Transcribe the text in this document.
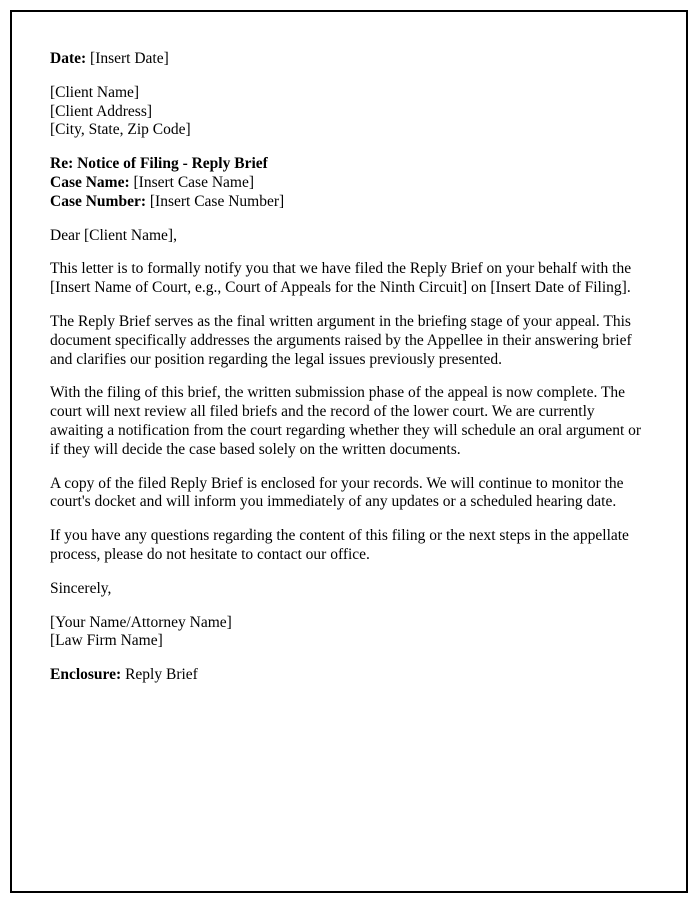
Date: [Insert Date]
[Client Name]
[Client Address]
[City, State, Zip Code]
Re: Notice of Filing - Reply Brief
Case Name: [Insert Case Name]
Case Number: [Insert Case Number]
Dear [Client Name],

This letter is to formally notify you that we have filed the Reply Brief on your behalf with the [Insert Name of Court, e.g., Court of Appeals for the Ninth Circuit] on [Insert Date of Filing].

The Reply Brief serves as the final written argument in the briefing stage of your appeal. This document specifically addresses the arguments raised by the Appellee in their answering brief and clarifies our position regarding the legal issues previously presented.

With the filing of this brief, the written submission phase of the appeal is now complete. The court will next review all filed briefs and the record of the lower court. We are currently awaiting a notification from the court regarding whether they will schedule an oral argument or if they will decide the case based solely on the written documents.

A copy of the filed Reply Brief is enclosed for your records. We will continue to monitor the court's docket and will inform you immediately of any updates or a scheduled hearing date.

If you have any questions regarding the content of this filing or the next steps in the appellate process, please do not hesitate to contact our office.

Sincerely,
[Your Name/Attorney Name]
[Law Firm Name]
Enclosure: Reply Brief
